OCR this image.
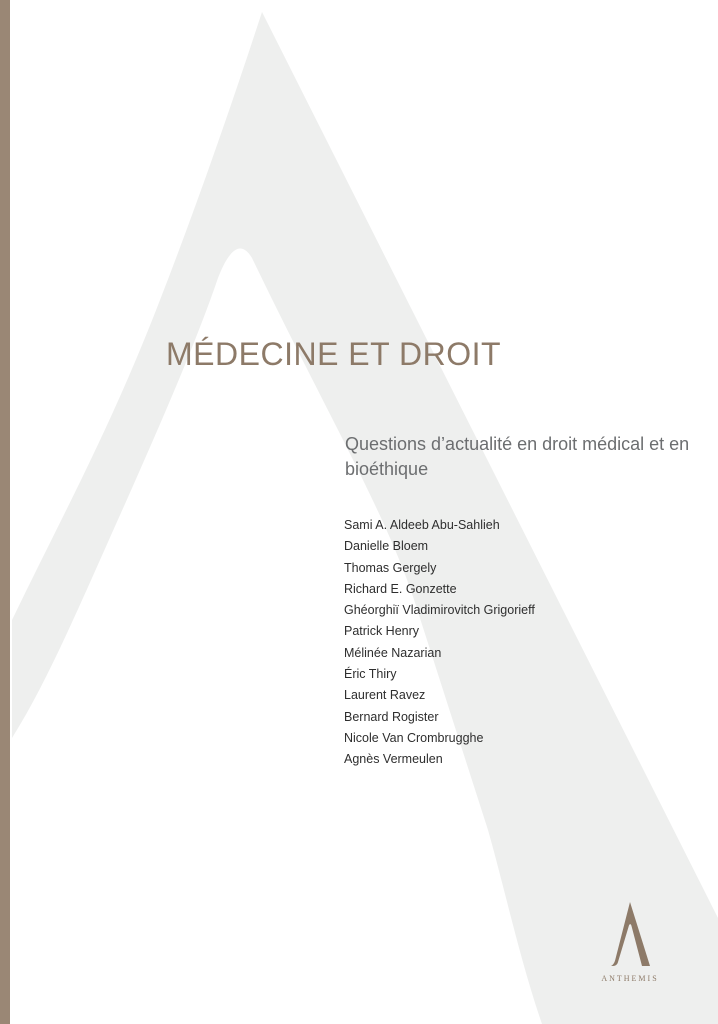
MÉDECINE ET DROIT

Questions d’actualité en droit médical et en bioéthique

Sami A. Aldeeb Abu-Sahlieh
Danielle Bloem
Thomas Gergely
Richard E. Gonzette
Ghéorghiï Vladimirovitch Grigorieff
Patrick Henry
Mélinée Nazarian
Éric Thiry
Laurent Ravez
Bernard Rogister
Nicole Van Crombrugghe
Agnès Vermeulen
ANTHEMIS
